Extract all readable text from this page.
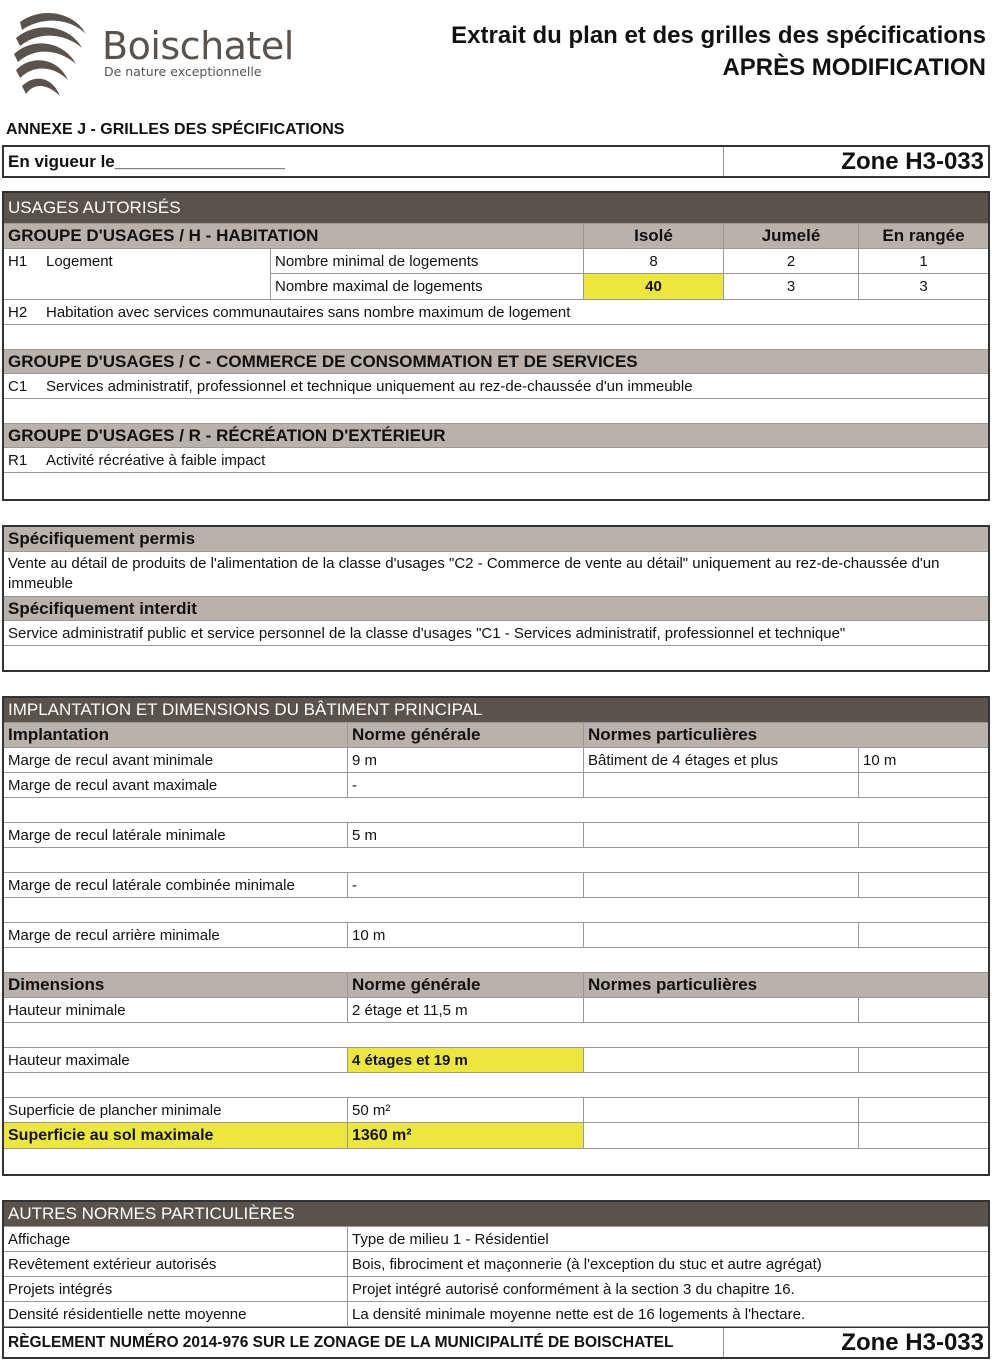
Boischatel
De nature exceptionnelle
Extrait du plan et des grilles des spécifications
APRÈS MODIFICATION
ANNEXE J - GRILLES DES SPÉCIFICATIONS
En vigueur le__________________	Zone H3-033
USAGES AUTORISÉS
GROUPE D'USAGES / H - HABITATION	Isolé	Jumelé	En rangée
H1	Logement	Nombre minimal de logements	8	2	1
Nombre maximal de logements	40	3	3
H2	Habitation avec services communautaires sans nombre maximum de logement
GROUPE D'USAGES / C - COMMERCE DE CONSOMMATION ET DE SERVICES
C1	Services administratif, professionnel et technique uniquement au rez-de-chaussée d'un immeuble
GROUPE D'USAGES / R - RÉCRÉATION D'EXTÉRIEUR
R1	Activité récréative à faible impact
Spécifiquement permis
Vente au détail de produits de l'alimentation de la classe d'usages "C2 - Commerce de vente au détail" uniquement au rez-de-chaussée d'un immeuble
Spécifiquement interdit
Service administratif public et service personnel de la classe d'usages "C1 - Services administratif, professionnel et technique"
IMPLANTATION ET DIMENSIONS DU BÂTIMENT PRINCIPAL
Implantation	Norme générale	Normes particulières
Marge de recul avant minimale	9 m	Bâtiment de 4 étages et plus	10 m
Marge de recul avant maximale	-
Marge de recul latérale minimale	5 m
Marge de recul latérale combinée minimale	-
Marge de recul arrière minimale	10 m
Dimensions	Norme générale	Normes particulières
Hauteur minimale	2 étage et 11,5 m
Hauteur maximale	4 étages et 19 m
Superficie de plancher minimale	50 m²
Superficie au sol maximale	1360 m²
AUTRES NORMES PARTICULIÈRES
Affichage	Type de milieu 1 - Résidentiel
Revêtement extérieur autorisés	Bois, fibrociment et maçonnerie (à l'exception du stuc et autre agrégat)
Projets intégrés	Projet intégré autorisé conformément à la section 3 du chapitre 16.
Densité résidentielle nette moyenne	La densité minimale moyenne nette est de 16 logements à l'hectare.
RÈGLEMENT NUMÉRO 2014-976 SUR LE ZONAGE DE LA MUNICIPALITÉ DE BOISCHATEL	Zone H3-033
